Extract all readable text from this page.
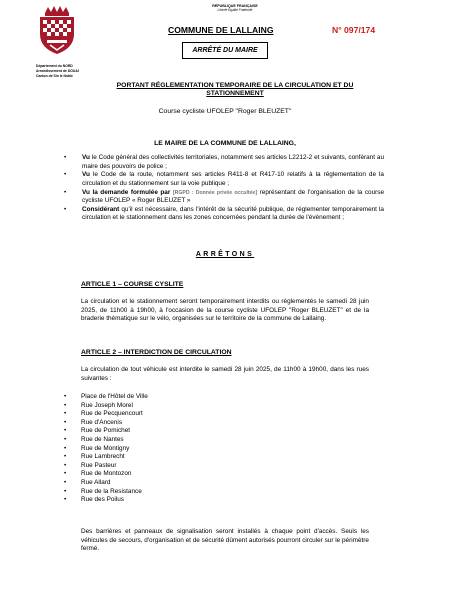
RÉPUBLIQUE FRANÇAISE
Liberté Égalité Fraternité
COMMUNE DE LALLAING	N° 097/174
ARRÊTÉ DU MAIRE
Département du NORD
Arrondissement de DOUAI
Canton de Sin le Noble
PORTANT RÉGLEMENTATION TEMPORAIRE DE LA CIRCULATION ET DU STATIONNEMENT
Course cycliste UFOLEP "Roger BLEUZET"
LE MAIRE DE LA COMMUNE DE LALLAING,
• Vu le Code général des collectivités territoriales, notamment ses articles L2212-2 et suivants, conférant au maire des pouvoirs de police ;
• Vu le Code de la route, notamment ses articles R411-8 et R417-10 relatifs à la réglementation de la circulation et du stationnement sur la voie publique ;
• Vu la demande formulée par [RGPD : Donnée privée occultée] représentant de l'organisation de la course cycliste UFOLEP « Roger BLEUZET »
• Considérant qu'il est nécessaire, dans l'intérêt de la sécurité publique, de réglementer temporairement la circulation et le stationnement dans les zones concernées pendant la durée de l'événement ;
ARRÊTONS
ARTICLE 1 – COURSE CYSLITE
La circulation et le stationnement seront temporairement interdits ou réglementés le samedi 28 juin 2025, de 11h00 à 19h00, à l'occasion de la course cycliste UFOLEP "Roger BLEUZET" et de la braderie thématique sur le vélo, organisées sur le territoire de la commune de Lallaing.
ARTICLE 2 – INTERDICTION DE CIRCULATION
La circulation de tout véhicule est interdite le samedi 28 juin 2025, de 11h00 à 19h00, dans les rues suivantes :
• Place de l'Hôtel de Ville
• Rue Joseph Morel
• Rue de Pecquencourt
• Rue d'Ancenis
• Rue de Pomichet
• Rue de Nantes
• Rue de Montigny
• Rue Lambrecht
• Rue Pasteur
• Rue de Montozon
• Rue Allard
• Rue de la Resistance
• Rue des Poilus
Des barrières et panneaux de signalisation seront installés à chaque point d'accès. Seuls les véhicules de secours, d'organisation et de sécurité dûment autorisés pourront circuler sur le périmètre fermé.
